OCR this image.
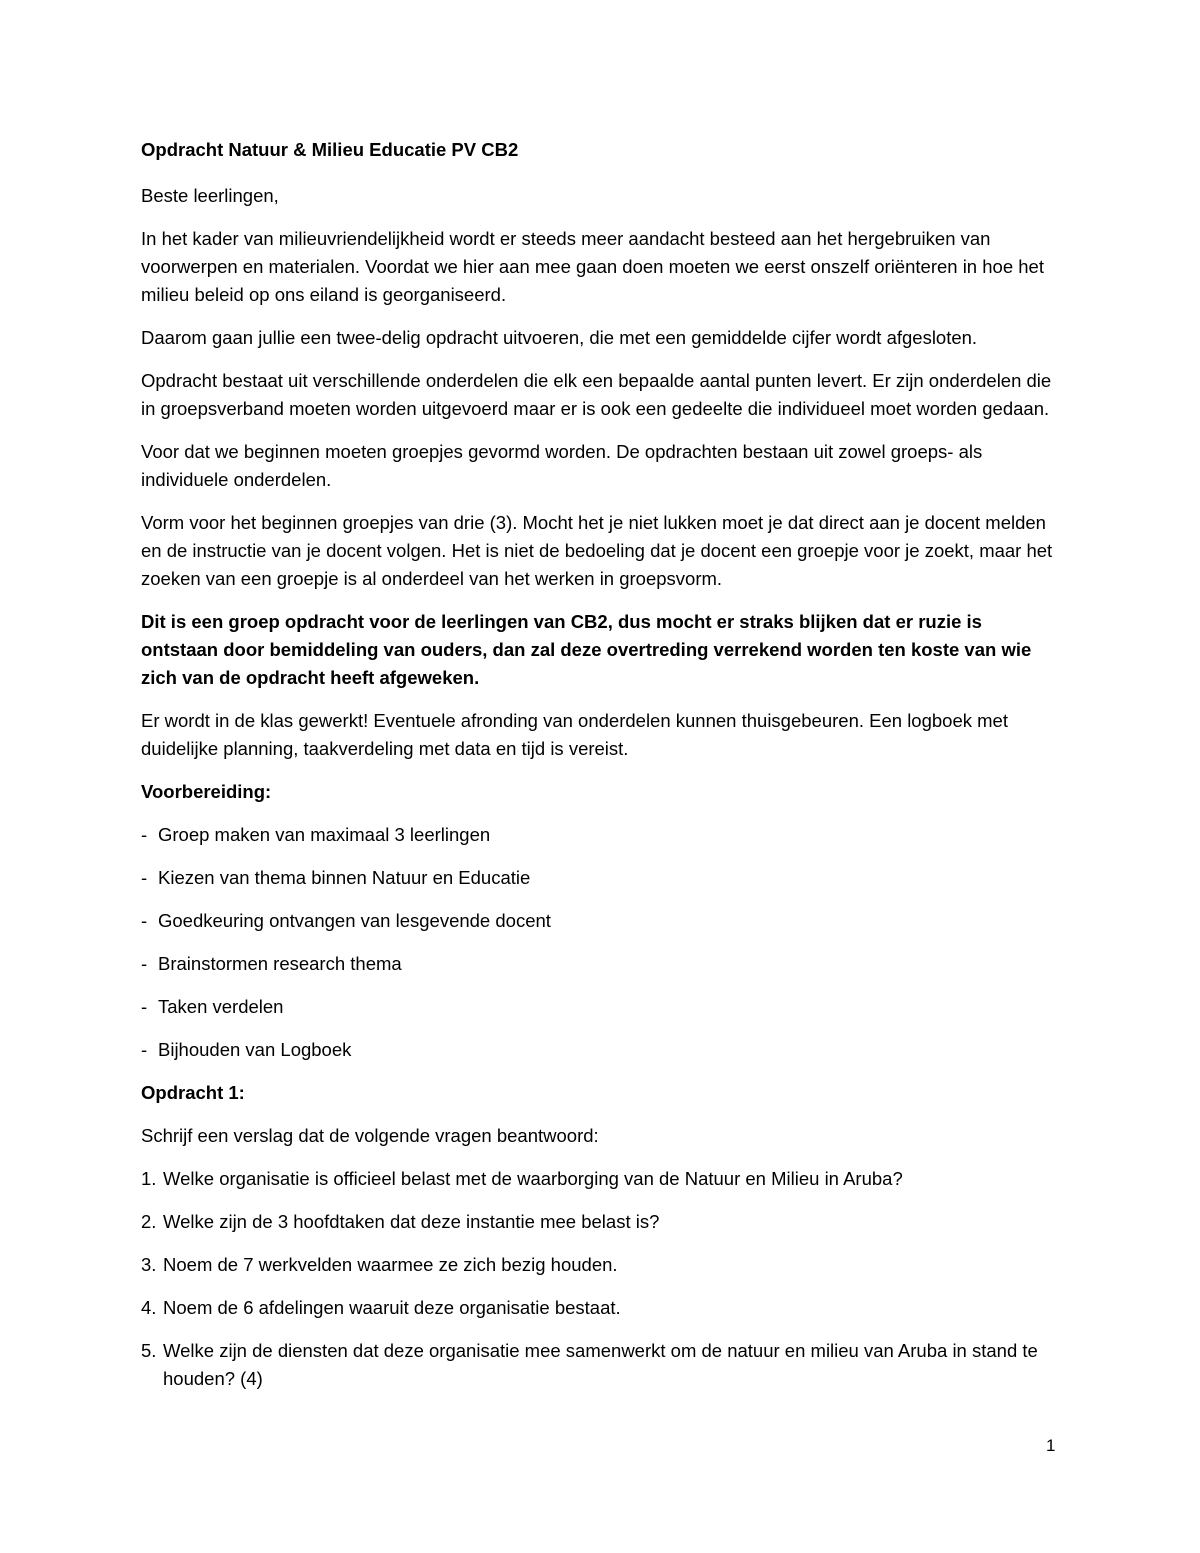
Opdracht Natuur & Milieu Educatie PV CB2

Beste leerlingen,

In het kader van milieuvriendelijkheid wordt er steeds meer aandacht besteed aan het hergebruiken van voorwerpen en materialen. Voordat we hier aan mee gaan doen moeten we eerst onszelf oriënteren in hoe het milieu beleid op ons eiland is georganiseerd.

Daarom gaan jullie een twee-delig opdracht uitvoeren, die met een gemiddelde cijfer wordt afgesloten.

Opdracht bestaat uit verschillende onderdelen die elk een bepaalde aantal punten levert. Er zijn onderdelen die in groepsverband moeten worden uitgevoerd maar er is ook een gedeelte die individueel moet worden gedaan.

Voor dat we beginnen moeten groepjes gevormd worden. De opdrachten bestaan uit zowel groeps- als individuele onderdelen.

Vorm voor het beginnen groepjes van drie (3). Mocht het je niet lukken moet je dat direct aan je docent melden en de instructie van je docent volgen. Het is niet de bedoeling dat je docent een groepje voor je zoekt, maar het zoeken van een groepje is al onderdeel van het werken in groepsvorm.

Dit is een groep opdracht voor de leerlingen van CB2, dus mocht er straks blijken dat er ruzie is ontstaan door bemiddeling van ouders, dan zal deze overtreding verrekend worden ten koste van wie zich van de opdracht heeft afgeweken.

Er wordt in de klas gewerkt! Eventuele afronding van onderdelen kunnen thuisgebeuren. Een logboek met duidelijke planning, taakverdeling met data en tijd is vereist.

Voorbereiding:

- Groep maken van maximaal 3 leerlingen
- Kiezen van thema binnen Natuur en Educatie
- Goedkeuring ontvangen van lesgevende docent
- Brainstormen research thema
- Taken verdelen
- Bijhouden van Logboek

Opdracht 1:

Schrijf een verslag dat de volgende vragen beantwoord:

1. Welke organisatie is officieel belast met de waarborging van de Natuur en Milieu in Aruba?
2. Welke zijn de 3 hoofdtaken dat deze instantie mee belast is?
3. Noem de 7 werkvelden waarmee ze zich bezig houden.
4. Noem de 6 afdelingen waaruit deze organisatie bestaat.
5. Welke zijn de diensten dat deze organisatie mee samenwerkt om de natuur en milieu van Aruba in stand te houden? (4)
1
